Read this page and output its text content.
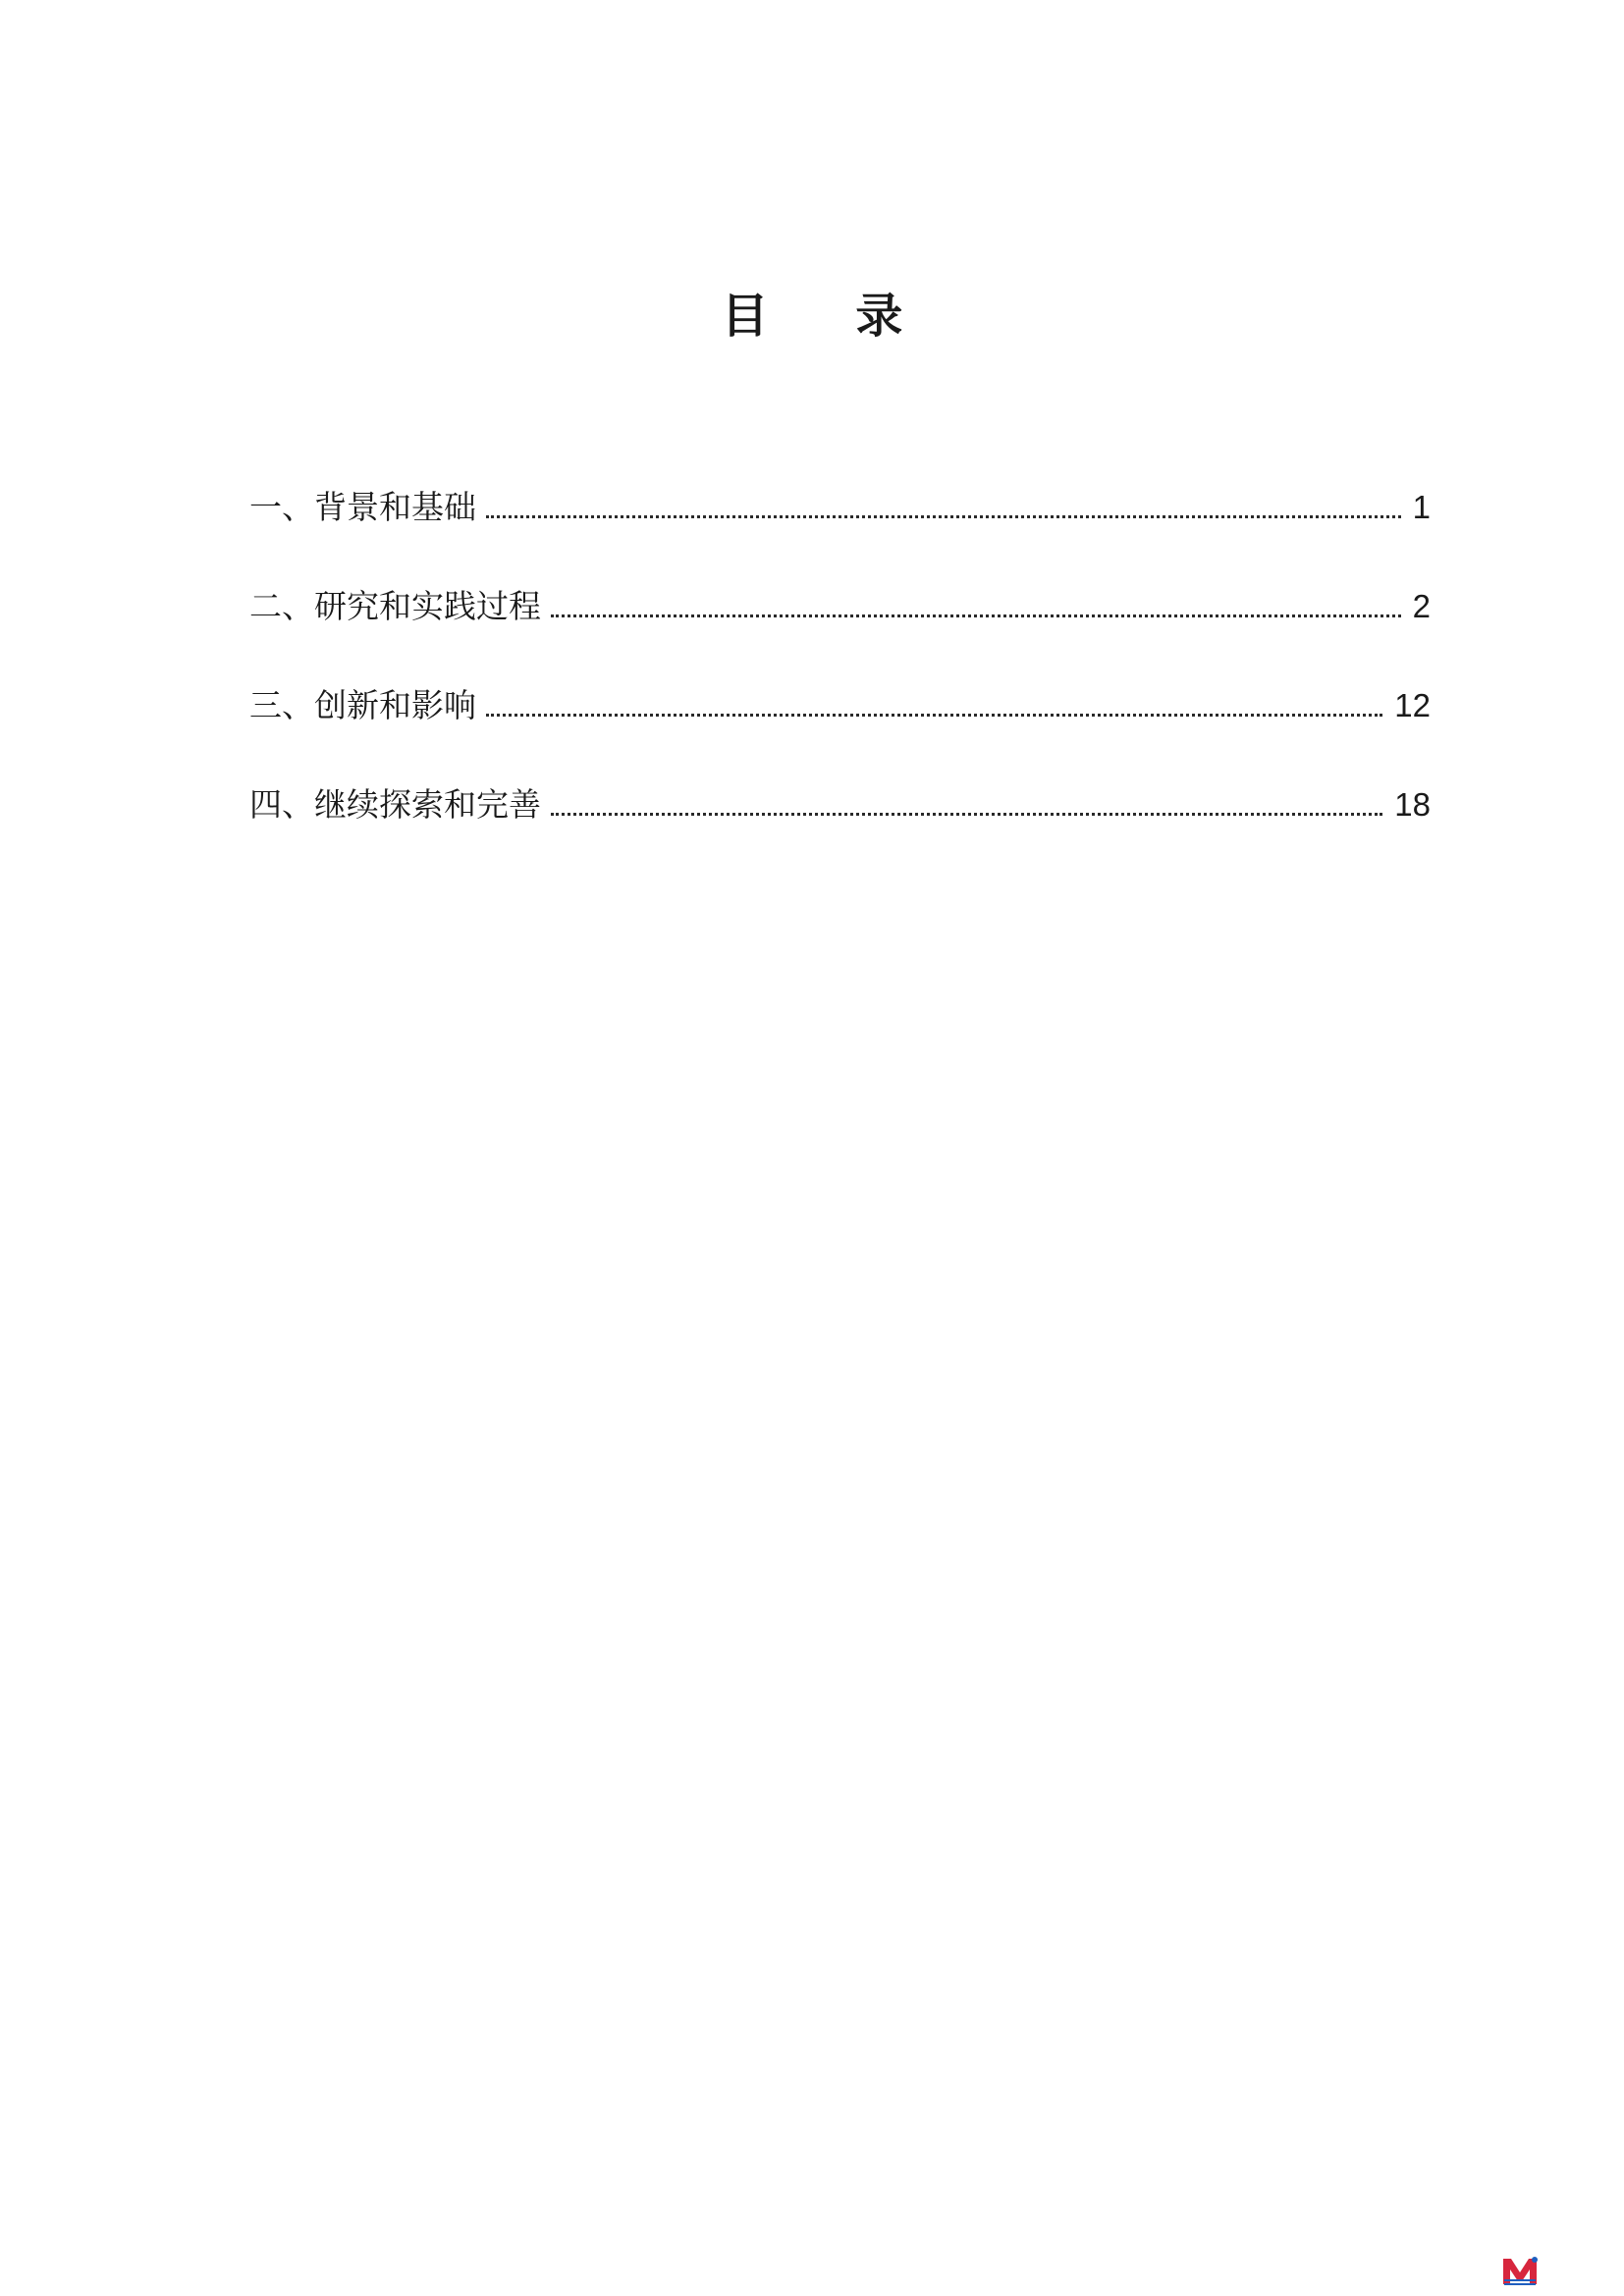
目 录
一、背景和基础	1
二、研究和实践过程	2
三、创新和影响	12
四、继续探索和完善	18
